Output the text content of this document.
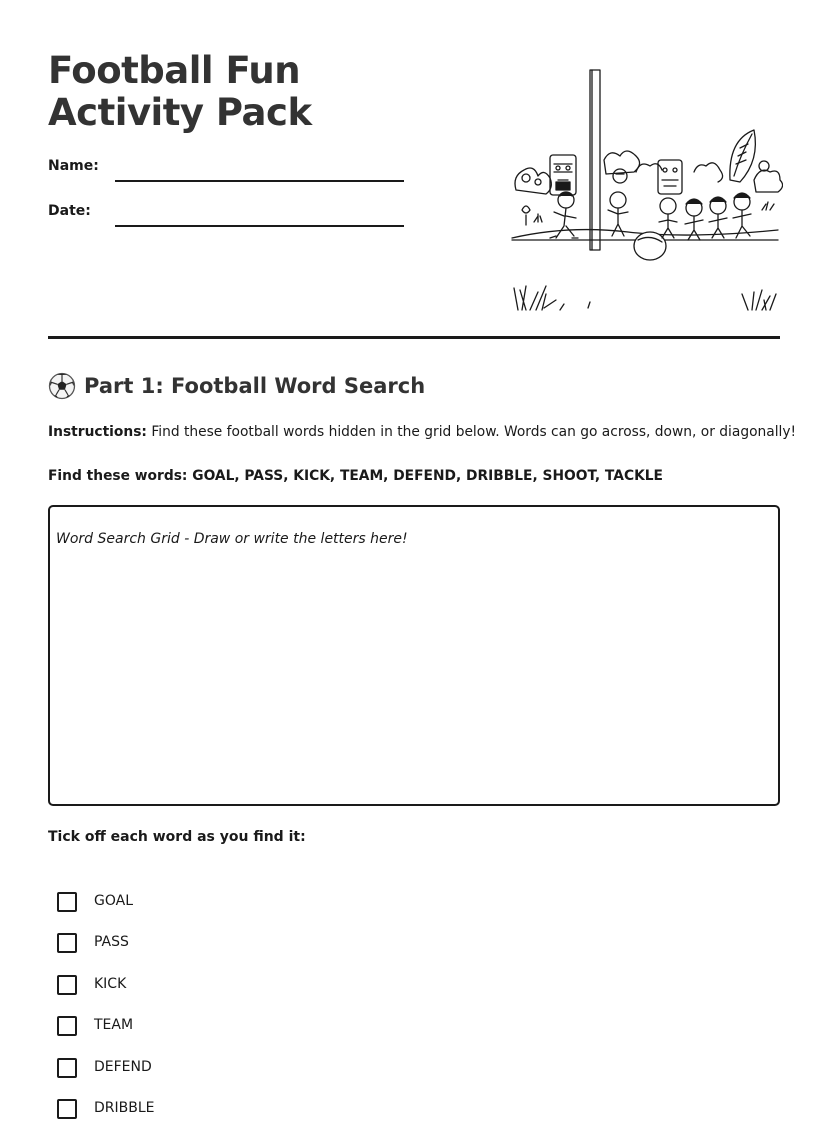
Football Fun Activity Pack
Name:
Date:
Part 1: Football Word Search
Instructions: Find these football words hidden in the grid below. Words can go across, down, or diagonally!
Find these words: GOAL, PASS, KICK, TEAM, DEFEND, DRIBBLE, SHOOT, TACKLE
Word Search Grid - Draw or write the letters here!
Tick off each word as you find it:
GOAL
PASS
KICK
TEAM
DEFEND
DRIBBLE
